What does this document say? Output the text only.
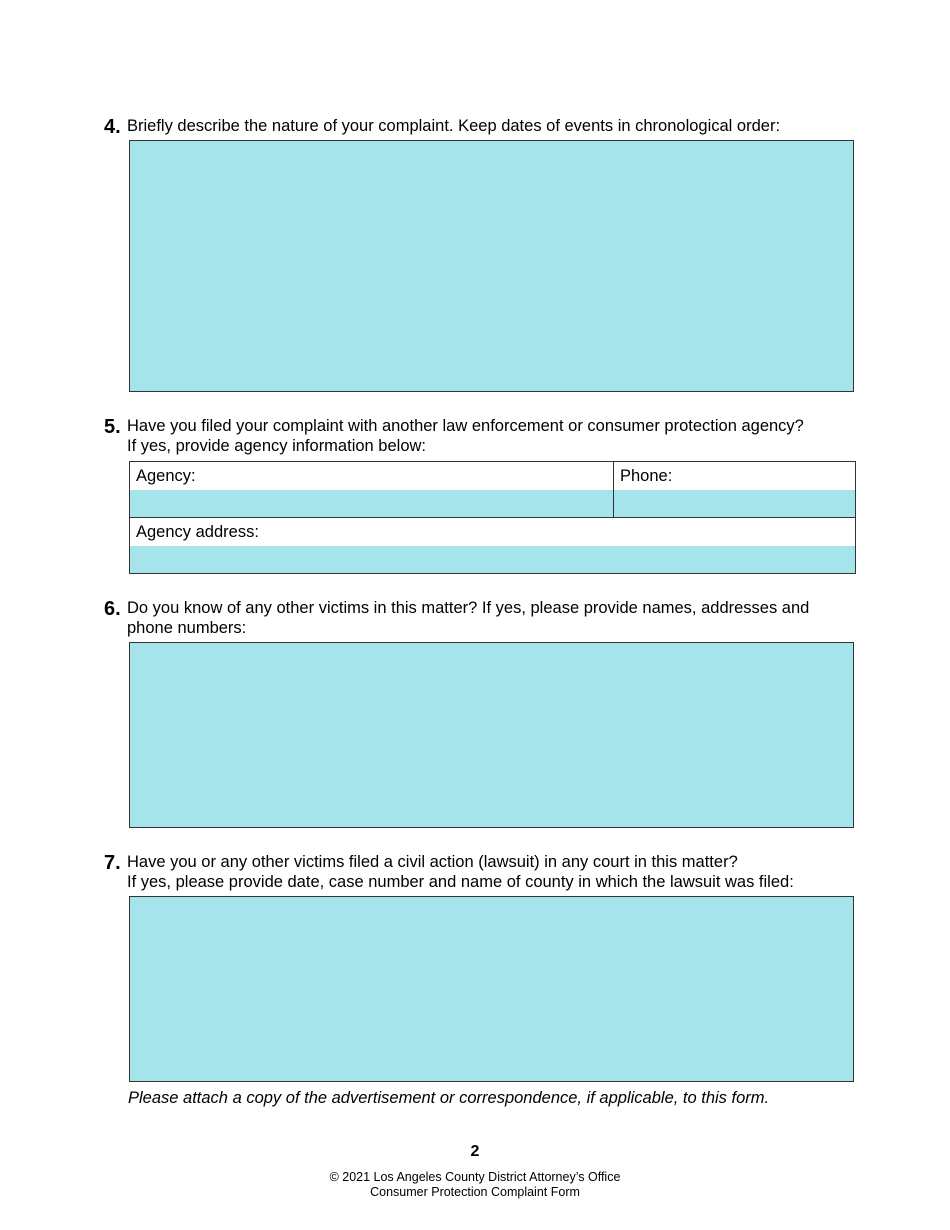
4. Briefly describe the nature of your complaint. Keep dates of events in chronological order:
5. Have you filed your complaint with another law enforcement or consumer protection agency?
If yes, provide agency information below:
Agency:	Phone:
Agency address:
6. Do you know of any other victims in this matter? If yes, please provide names, addresses and
phone numbers:
7. Have you or any other victims filed a civil action (lawsuit) in any court in this matter?
If yes, please provide date, case number and name of county in which the lawsuit was filed:
Please attach a copy of the advertisement or correspondence, if applicable, to this form.
2
© 2021 Los Angeles County District Attorney’s Office
Consumer Protection Complaint Form
